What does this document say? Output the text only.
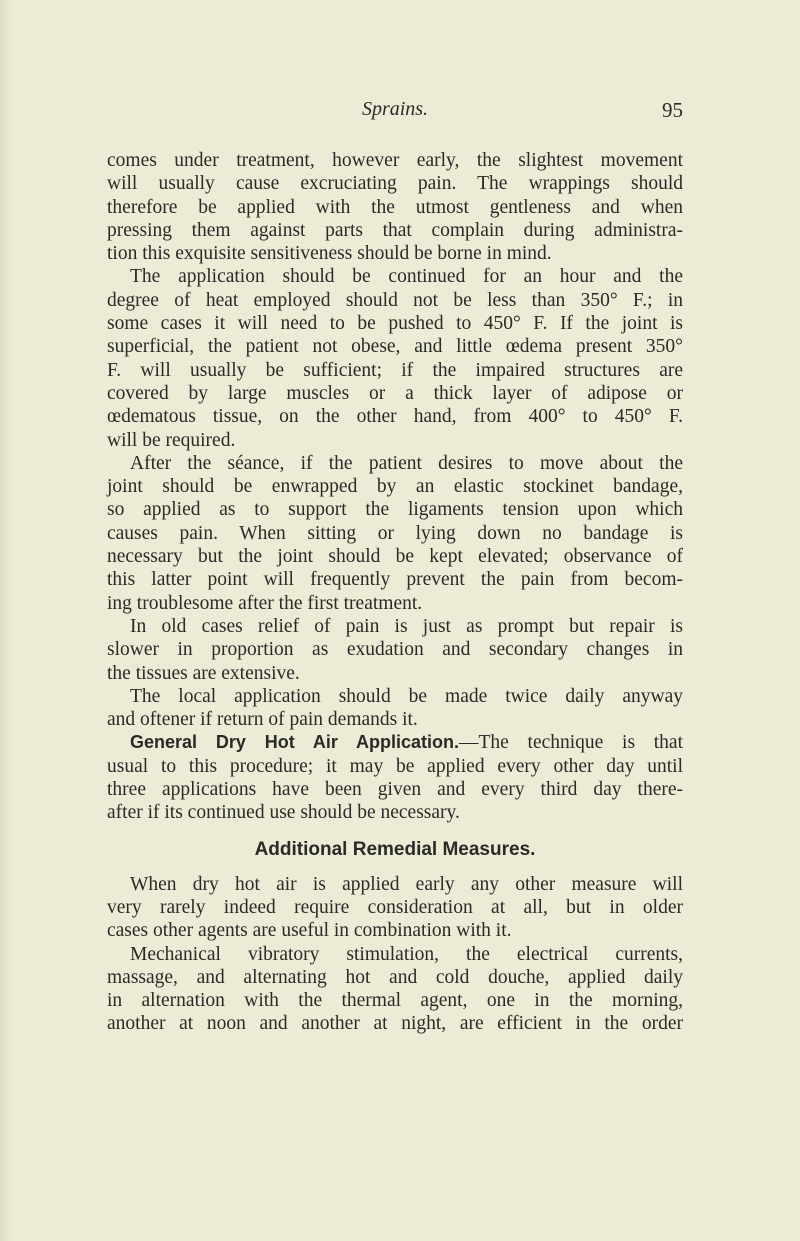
Sprains.	95
comes under treatment, however early, the slightest movement
will usually cause excruciating pain. The wrappings should
therefore be applied with the utmost gentleness and when
pressing them against parts that complain during administra-
tion this exquisite sensitiveness should be borne in mind.
The application should be continued for an hour and the
degree of heat employed should not be less than 350° F.; in
some cases it will need to be pushed to 450° F. If the joint is
superficial, the patient not obese, and little œdema present 350°
F. will usually be sufficient; if the impaired structures are
covered by large muscles or a thick layer of adipose or
œdematous tissue, on the other hand, from 400° to 450° F.
will be required.
After the séance, if the patient desires to move about the
joint should be enwrapped by an elastic stockinet bandage,
so applied as to support the ligaments tension upon which
causes pain. When sitting or lying down no bandage is
necessary but the joint should be kept elevated; observance of
this latter point will frequently prevent the pain from becom-
ing troublesome after the first treatment.
In old cases relief of pain is just as prompt but repair is
slower in proportion as exudation and secondary changes in
the tissues are extensive.
The local application should be made twice daily anyway
and oftener if return of pain demands it.
General Dry Hot Air Application.—The technique is that
usual to this procedure; it may be applied every other day until
three applications have been given and every third day there-
after if its continued use should be necessary.
Additional Remedial Measures.
When dry hot air is applied early any other measure will
very rarely indeed require consideration at all, but in older
cases other agents are useful in combination with it.
Mechanical vibratory stimulation, the electrical currents,
massage, and alternating hot and cold douche, applied daily
in alternation with the thermal agent, one in the morning,
another at noon and another at night, are efficient in the order
